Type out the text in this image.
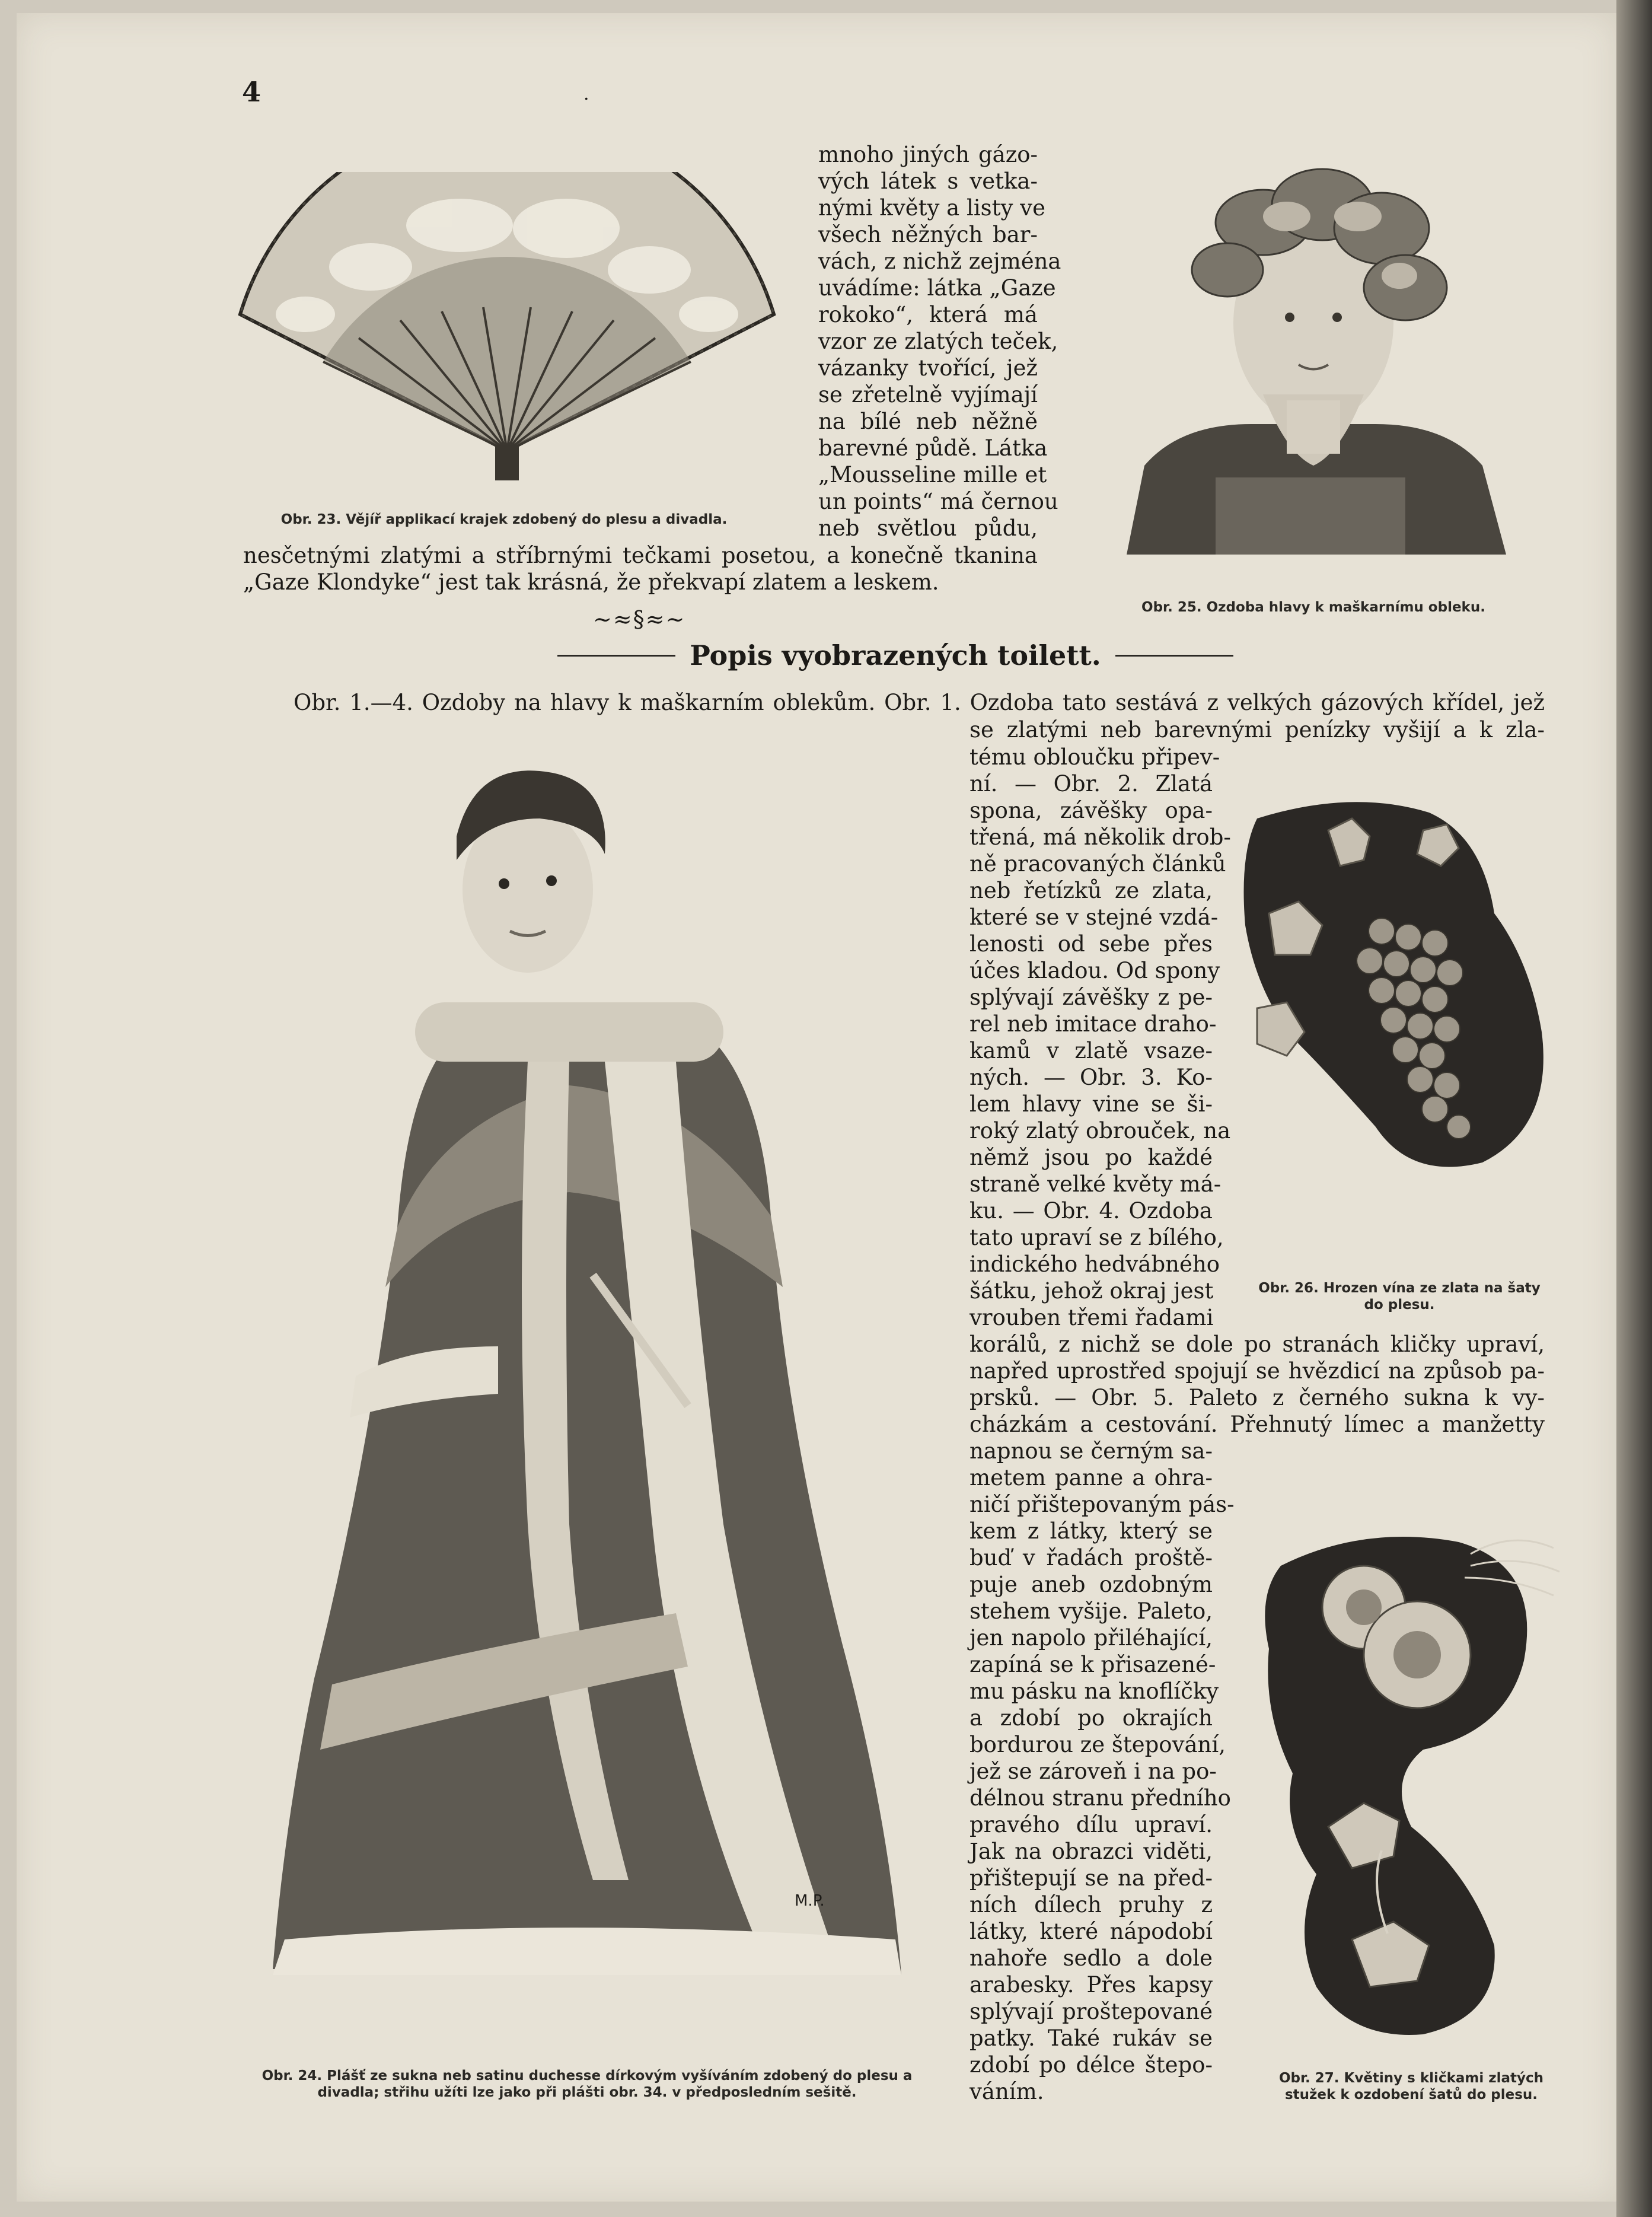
4	·
Obr. 23. Vějíř applikací krajek zdobený do plesu a divadla.
mnoho jiných gázo-
vých látek s vetka-
nými květy a listy ve
všech něžných bar-
vách, z nichž zejména
uvádíme: látka „Gaze
rokoko“, která má
vzor ze zlatých teček,
vázanky tvořící, jež
se zřetelně vyjímají
na bílé neb něžně
barevné půdě. Látka
„Mousseline mille et
un points“ má černou
neb světlou půdu,
nesčetnými zlatými a stříbrnými tečkami posetou, a konečně tkanina
„Gaze Klondyke“ jest tak krásná, že překvapí zlatem a leskem.
~≈§≈~	Obr. 25. Ozdoba hlavy k maškarnímu obleku.
Popis vyobrazených toilett.
Obr. 1.—4. Ozdoby na hlavy k maškarním oblekům. Obr. 1. Ozdoba tato sestává z velkých gázových křídel, jež
se zlatými neb barevnými penízky vyšijí a k zla-
tému obloučku připev-
ní. — Obr. 2. Zlatá
spona, závěšky opa-
třená, má několik drob-
ně pracovaných článků
neb řetízků ze zlata,
které se v stejné vzdá-
lenosti od sebe přes
účes kladou. Od spony
splývají závěšky z pe-
rel neb imitace draho-
kamů v zlatě vsaze-
ných. — Obr. 3. Ko-
lem hlavy vine se ši-
roký zlatý obrouček, na
němž jsou po každé
straně velké květy má-
ku. — Obr. 4. Ozdoba
tato upraví se z bílého,
indického hedvábného
šátku, jehož okraj jest
vrouben třemi řadami
Obr. 26. Hrozen vína ze zlata na šaty
do plesu.
korálů, z nichž se dole po stranách kličky upraví,
napřed uprostřed spojují se hvězdicí na způsob pa-
prsků. — Obr. 5. Paleto z černého sukna k vy-
cházkám a cestování. Přehnutý límec a manžetty
napnou se černým sa-
metem panne a ohra-
ničí přištepovaným pás-
kem z látky, který se
buď v řadách proště-
puje aneb ozdobným
stehem vyšije. Paleto,
jen napolo přiléhající,
zapíná se k přisazené-
mu pásku na knoflíčky
a zdobí po okrajích
bordurou ze štepování,
jež se zároveň i na po-
délnou stranu předního
pravého dílu upraví.
Jak na obrazci viděti,
přištepují se na před-
ních dílech pruhy z
látky, které nápodobí
nahoře sedlo a dole
arabesky. Přes kapsy
splývají proštepované
patky. Také rukáv se
zdobí po délce štepo-
váním.
Obr. 27. Květiny s kličkami zlatých
stužek k ozdobení šatů do plesu.
M.P.
Obr. 24. Plášť ze sukna neb satinu duchesse dírkovým vyšíváním zdobený do plesu a
divadla; střihu užíti lze jako při plášti obr. 34. v předposledním sešitě.
